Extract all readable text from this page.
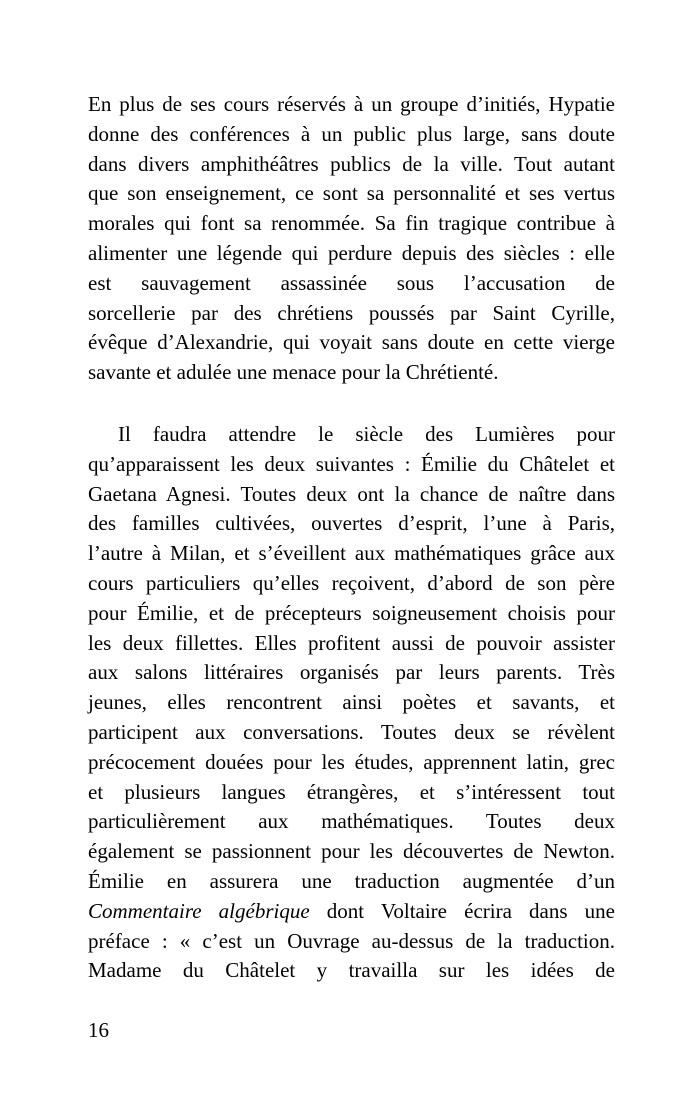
En plus de ses cours réservés à un groupe d’initiés, Hypatie
donne des conférences à un public plus large, sans doute
dans divers amphithéâtres publics de la ville. Tout autant
que son enseignement, ce sont sa personnalité et ses vertus
morales qui font sa renommée. Sa fin tragique contribue à
alimenter une légende qui perdure depuis des siècles : elle
est sauvagement assassinée sous l’accusation de
sorcellerie par des chrétiens poussés par Saint Cyrille,
évêque d’Alexandrie, qui voyait sans doute en cette vierge
savante et adulée une menace pour la Chrétienté.
Il faudra attendre le siècle des Lumières pour
qu’apparaissent les deux suivantes : Émilie du Châtelet et
Gaetana Agnesi. Toutes deux ont la chance de naître dans
des familles cultivées, ouvertes d’esprit, l’une à Paris,
l’autre à Milan, et s’éveillent aux mathématiques grâce aux
cours particuliers qu’elles reçoivent, d’abord de son père
pour Émilie, et de précepteurs soigneusement choisis pour
les deux fillettes. Elles profitent aussi de pouvoir assister
aux salons littéraires organisés par leurs parents. Très
jeunes, elles rencontrent ainsi poètes et savants, et
participent aux conversations. Toutes deux se révèlent
précocement douées pour les études, apprennent latin, grec
et plusieurs langues étrangères, et s’intéressent tout
particulièrement aux mathématiques. Toutes deux
également se passionnent pour les découvertes de Newton.
Émilie en assurera une traduction augmentée d’un
Commentaire algébrique dont Voltaire écrira dans une
préface : « c’est un Ouvrage au-dessus de la traduction.
Madame du Châtelet y travailla sur les idées de
16
